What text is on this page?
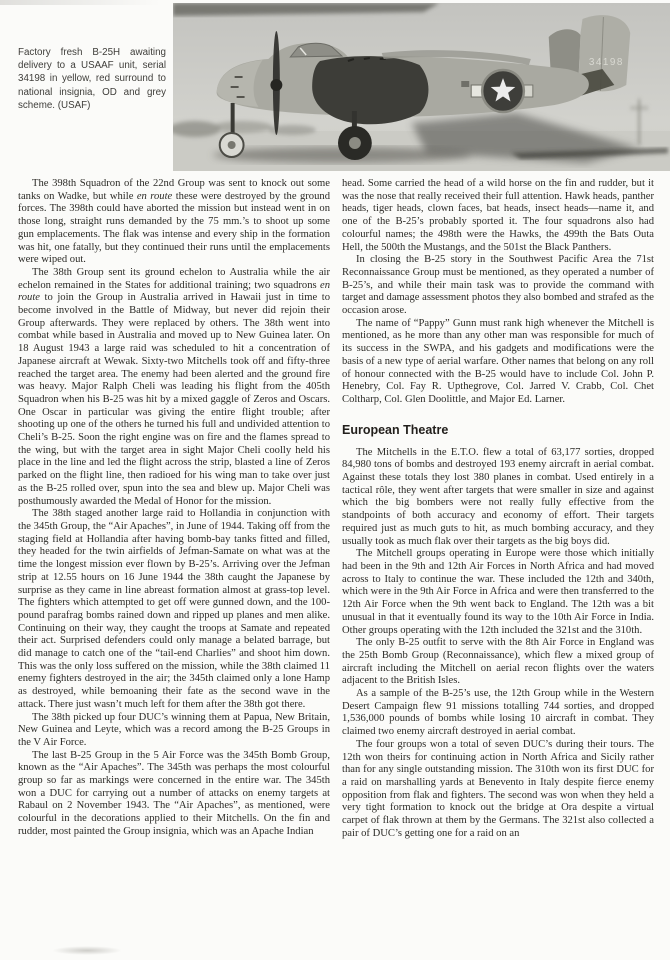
34198

Factory fresh B-25H awaiting delivery to a USAAF unit, serial 34198 in yellow, red surround to national insignia, OD and grey scheme. (USAF)

The 398th Squadron of the 22nd Group was sent to knock out some tanks on Wadke, but while en route these were destroyed by the ground forces. The 398th could have aborted the mission but instead went in on those long, straight runs demanded by the 75 mm.’s to shoot up some gun emplacements. The flak was intense and every ship in the formation was hit, one fatally, but they continued their runs until the emplacements were wiped out.

The 38th Group sent its ground echelon to Australia while the air echelon remained in the States for additional training; two squadrons en route to join the Group in Australia arrived in Hawaii just in time to become involved in the Battle of Midway, but never did rejoin their Group afterwards. They were replaced by others. The 38th went into combat while based in Australia and moved up to New Guinea later. On 18 August 1943 a large raid was scheduled to hit a concentration of Japanese aircraft at Wewak. Sixty-two Mitchells took off and fifty-three reached the target area. The enemy had been alerted and the ground fire was heavy. Major Ralph Cheli was leading his flight from the 405th Squadron when his B-25 was hit by a mixed gaggle of Zeros and Oscars. One Oscar in particular was giving the entire flight trouble; after shooting up one of the others he turned his full and undivided attention to Cheli’s B-25. Soon the right engine was on fire and the flames spread to the wing, but with the target area in sight Major Cheli coolly held his place in the line and led the flight across the strip, blasted a line of Zeros parked on the flight line, then radioed for his wing man to take over just as the B-25 rolled over, spun into the sea and blew up. Major Cheli was posthumously awarded the Medal of Honor for the mission.

The 38th staged another large raid to Hollandia in conjunction with the 345th Group, the “Air Apaches”, in June of 1944. Taking off from the staging field at Hollandia after having bomb-bay tanks fitted and filled, they headed for the twin airfields of Jefman-Samate on what was at the time the longest mission ever flown by B-25’s. Arriving over the Jefman strip at 12.55 hours on 16 June 1944 the 38th caught the Japanese by surprise as they came in line abreast formation almost at grass-top level. The fighters which attempted to get off were gunned down, and the 100-pound parafrag bombs rained down and ripped up planes and men alike. Continuing on their way, they caught the troops at Samate and repeated their act. Surprised defenders could only manage a belated barrage, but did manage to catch one of the “tail-end Charlies” and shoot him down. This was the only loss suffered on the mission, while the 38th claimed 11 enemy fighters destroyed in the air; the 345th claimed only a lone Hamp as destroyed, while bemoaning their fate as the second wave in the attack. There just wasn’t much left for them after the 38th got there.

The 38th picked up four DUC’s winning them at Papua, New Britain, New Guinea and Leyte, which was a record among the B-25 Groups in the V Air Force.

The last B-25 Group in the 5 Air Force was the 345th Bomb Group, known as the “Air Apaches”. The 345th was perhaps the most colourful group so far as markings were concerned in the entire war. The 345th won a DUC for carrying out a number of attacks on enemy targets at Rabaul on 2 November 1943. The “Air Apaches”, as mentioned, were colourful in the decorations applied to their Mitchells. On the fin and rudder, most painted the Group insignia, which was an Apache Indian

head. Some carried the head of a wild horse on the fin and rudder, but it was the nose that really received their full attention. Hawk heads, panther heads, tiger heads, clown faces, bat heads, insect heads—name it, and one of the B-25’s probably sported it. The four squadrons also had colourful names; the 498th were the Hawks, the 499th the Bats Outa Hell, the 500th the Mustangs, and the 501st the Black Panthers.

In closing the B-25 story in the Southwest Pacific Area the 71st Reconnaissance Group must be mentioned, as they operated a number of B-25’s, and while their main task was to provide the command with target and damage assessment photos they also bombed and strafed as the occasion arose.

The name of “Pappy” Gunn must rank high whenever the Mitchell is mentioned, as he more than any other man was responsible for much of its success in the SWPA, and his gadgets and modifications were the basis of a new type of aerial warfare. Other names that belong on any roll of honour connected with the B-25 would have to include Col. John P. Henebry, Col. Fay R. Upthegrove, Col. Jarred V. Crabb, Col. Chet Coltharp, Col. Glen Doolittle, and Major Ed. Larner.

European Theatre

The Mitchells in the E.T.O. flew a total of 63,177 sorties, dropped 84,980 tons of bombs and destroyed 193 enemy aircraft in aerial combat. Against these totals they lost 380 planes in combat. Used entirely in a tactical rôle, they went after targets that were smaller in size and against which the big bombers were not really fully effective from the standpoints of both accuracy and economy of effort. Their targets required just as much guts to hit, as much bombing accuracy, and they usually took as much flak over their targets as the big boys did.

The Mitchell groups operating in Europe were those which initially had been in the 9th and 12th Air Forces in North Africa and had moved across to Italy to continue the war. These included the 12th and 340th, which were in the 9th Air Force in Africa and were then transferred to the 12th Air Force when the 9th went back to England. The 12th was a bit unusual in that it eventually found its way to the 10th Air Force in India. Other groups operating with the 12th included the 321st and the 310th.

The only B-25 outfit to serve with the 8th Air Force in England was the 25th Bomb Group (Reconnaissance), which flew a mixed group of aircraft including the Mitchell on aerial recon flights over the waters adjacent to the British Isles.

As a sample of the B-25’s use, the 12th Group while in the Western Desert Campaign flew 91 missions totalling 744 sorties, and dropped 1,536,000 pounds of bombs while losing 10 aircraft in combat. They claimed two enemy aircraft destroyed in aerial combat.

The four groups won a total of seven DUC’s during their tours. The 12th won theirs for continuing action in North Africa and Sicily rather than for any single outstanding mission. The 310th won its first DUC for a raid on marshalling yards at Benevento in Italy despite fierce enemy opposition from flak and fighters. The second was won when they held a very tight formation to knock out the bridge at Ora despite a virtual carpet of flak thrown at them by the Germans. The 321st also collected a pair of DUC’s getting one for a raid on an
